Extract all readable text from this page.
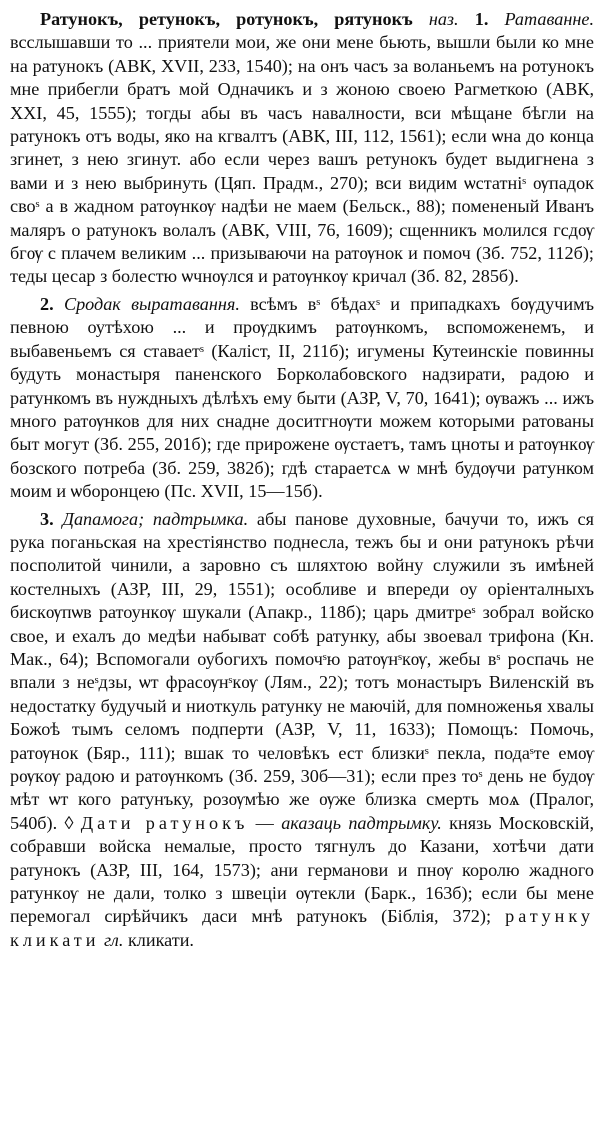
Ратунокъ, ретунокъ, ротунокъ, рятунокъ наз. 1. Ратаванне. всслышавши то ... приятели мои, же они мене бьють, вышли были ко мне на ратунокъ (АВК, XVII, 233, 1540); на онъ часъ за воланьемъ на ротунокъ мне прибегли братъ мой Одначикъ и з жоною своею Рагметкою (АВК, XXI, 45, 1555); тогды абы въ часъ навалности, вси мѣщане бѣгли на ратунокъ отъ воды, яко на кгвалтъ (АВК, III, 112, 1561); если ѡна до конца згинет, з нею згинут. або если через вашъ ретунокъ будет выдигнена з вами и з нею выбринуть (Цяп. Прадм., 270); вси видим ѡстатнiˢ ѹпадок своˢ а в жадном ратѹнкѹ надѣи не маем (Бельск., 88); помененый Иванъ маляръ о ратунокъ волалъ (АВК, VIII, 76, 1609); сщенникъ молился гсдѹ бгѹ с плачем великим ... призываючи на ратѹнок и помоч (Зб. 752, 112б); теды цесар з болестю ѡчнѹлся и ратѹнкѹ кричал (Зб. 82, 285б).

2. Сродак выратавання. всѣмъ вˢ бѣдахˢ и припадкахъ бѹдучимъ певною оутѣхою ... и прѹдкимъ ратѹнкомъ, вспоможенемъ, и выбавеньемъ ся ставаетˢ (Каліст, II, 211б); игумены Кутеинскіе повинны будуть монастыря паненского Борколабовского надзирати, радою и ратункомъ въ нуждныхъ дѣлѣхъ ему быти (АЗР, V, 70, 1641); ѹважъ ... ижъ много ратѹнков для них снадне доситгнѹти можем которыми ратованы быт могут (Зб. 255, 201б); где прирожене ѹстаетъ, тамъ цноты и ратѹнкѹ бозского потреба (Зб. 259, 382б); гдѣ стараетсѧ ѡ мнѣ будѹчи ратунком моим и ѡборонцею (Пс. XVII, 15—15б).

3. Дапамога; падтрымка. абы панове духовные, бачучи то, ижъ ся рука поганьская на хрестіянство поднесла, тежъ бы и они ратунокъ рѣчи посполитой чинили, а заровно съ шляхтою войну служили зъ имѣней костелныхъ (АЗР, III, 29, 1551); особливе и впереди оу оріенталныхъ бискѹпѡв ратоункѹ шукали (Апакр., 118б); царь дмитреˢ зобрал войско свое, и ехалъ до медѣи набыват собѣ ратунку, абы звоевал трифона (Кн. Мак., 64); Вспомогали оубогихъ помочˢю ратѹнˢкѹ, жебы вˢ роспачь не впали з неˢдзы, ѡт фрасѹнˢкѹ (Лям., 22); тотъ монастыръ Виленскій въ недостатку будучый и ниоткуль ратунку не маючій, для помноженья хвалы Божоѣ тымъ селомъ подперти (АЗР, V, 11, 1633); Помощъ: Помочь, ратѹнок (Бяр., 111); вшак то человѣкъ ест близкиˢ пекла, подаˢте емѹ рѹкѹ радою и ратѹнкомъ (Зб. 259, 30б—31); если през тоˢ день не будѹ мѣт ѡт кого ратунъку, розѹмѣю же ѹже близка смерть моѧ (Пралог, 540б). ◊ Дати ратунокъ — аказаць падтрымку. князь Московскій, собравши войска немалые, просто тягнулъ до Казани, хотѣчи дати ратунокъ (АЗР, III, 164, 1573); ани германови и пнѹ королю жадного ратункѹ не дали, толко з швецiи ѹтекли (Барк., 163б); если бы мене перемогал сирѣйчикъ даси мнѣ ратунокъ (Біблія, 372); ратунку кликати гл. кликати.
